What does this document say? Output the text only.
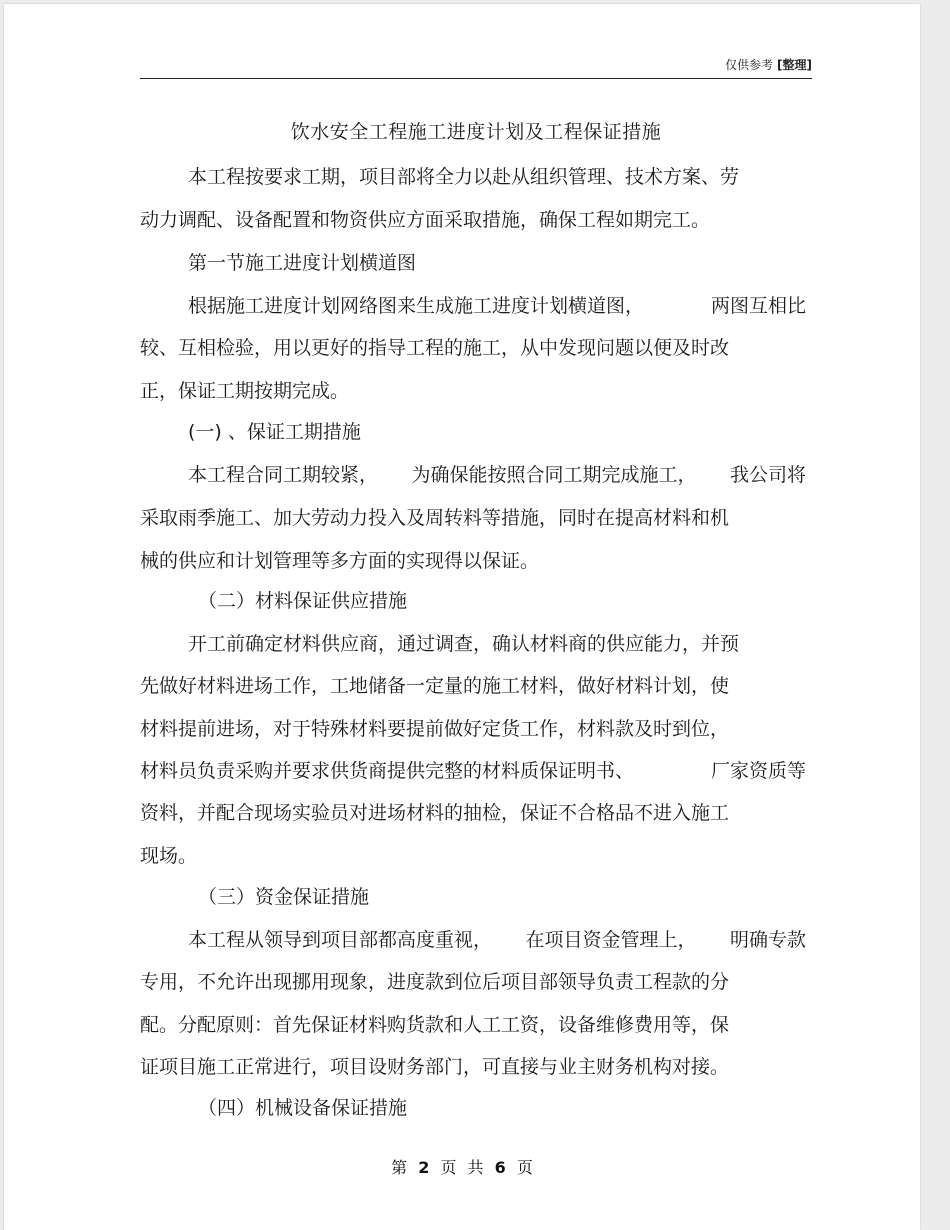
仅供参考 [整理]
饮水安全工程施工进度计划及工程保证措施
本工程按要求工期，项目部将全力以赴从组织管理、技术方案、劳
动力调配、设备配置和物资供应方面采取措施，确保工程如期完工。
第一节施工进度计划横道图
根据施工进度计划网络图来生成施工进度计划横道图，	两图互相比
较、互相检验，用以更好的指导工程的施工，从中发现问题以便及时改
正，保证工期按期完成。
(一) 、保证工期措施
本工程合同工期较紧， 为确保能按照合同工期完成施工， 我公司将
采取雨季施工、加大劳动力投入及周转料等措施，同时在提高材料和机
械的供应和计划管理等多方面的实现得以保证。
（二）材料保证供应措施
开工前确定材料供应商，通过调查，确认材料商的供应能力，并预
先做好材料进场工作，工地储备一定量的施工材料，做好材料计划，使
材料提前进场，对于特殊材料要提前做好定货工作，材料款及时到位，
材料员负责采购并要求供货商提供完整的材料质保证明书、	厂家资质等
资料，并配合现场实验员对进场材料的抽检，保证不合格品不进入施工
现场。
（三）资金保证措施
本工程从领导到项目部都高度重视， 在项目资金管理上， 明确专款
专用，不允许出现挪用现象，进度款到位后项目部领导负责工程款的分
配。分配原则：首先保证材料购货款和人工工资，设备维修费用等，保
证项目施工正常进行，项目设财务部门，可直接与业主财务机构对接。
（四）机械设备保证措施
第 2 页 共 6 页
